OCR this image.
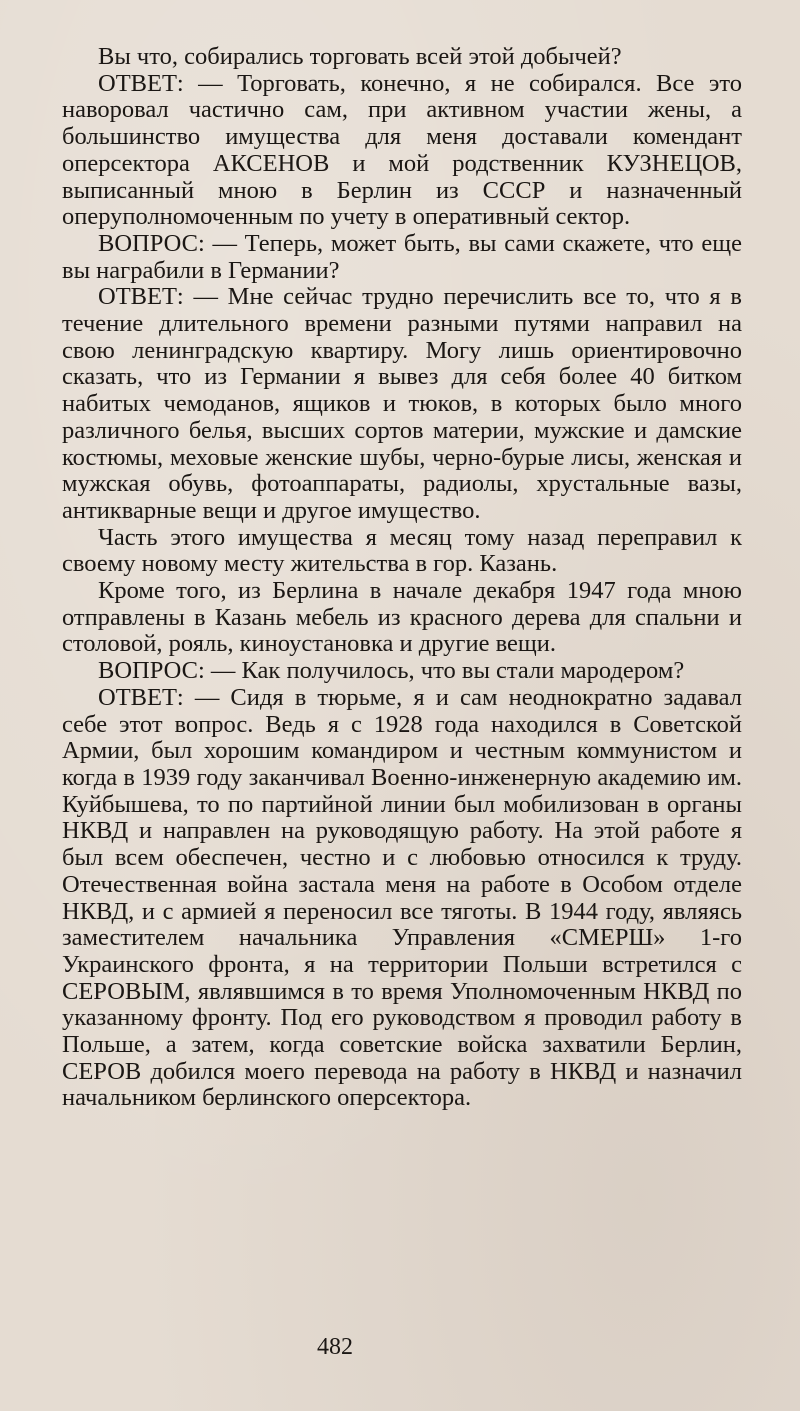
Вы что, собирались торговать всей этой добычей?

ОТВЕТ: — Торговать, конечно, я не собирался. Все это наворовал частично сам, при активном участии жены, а большинство имущества для меня доставали комендант оперсектора АКСЕНОВ и мой родственник КУЗНЕЦОВ, выписанный мною в Берлин из СССР и назначенный оперуполномоченным по учету в оперативный сектор.

ВОПРОС: — Теперь, может быть, вы сами скажете, что еще вы награбили в Германии?

ОТВЕТ: — Мне сейчас трудно перечислить все то, что я в течение длительного времени разными путями направил на свою ленинградскую квартиру. Могу лишь ориентировочно сказать, что из Германии я вывез для себя более 40 битком набитых чемоданов, ящиков и тюков, в которых было много различного белья, высших сортов материи, мужские и дамские костюмы, меховые женские шубы, черно-бурые лисы, женская и мужская обувь, фотоаппараты, радиолы, хрустальные вазы, антикварные вещи и другое имущество.

Часть этого имущества я месяц тому назад переправил к своему новому месту жительства в гор. Казань.

Кроме того, из Берлина в начале декабря 1947 года мною отправлены в Казань мебель из красного дерева для спальни и столовой, рояль, киноустановка и другие вещи.

ВОПРОС: — Как получилось, что вы стали мародером?

ОТВЕТ: — Сидя в тюрьме, я и сам неоднократно задавал себе этот вопрос. Ведь я с 1928 года находился в Советской Армии, был хорошим командиром и честным коммунистом и когда в 1939 году заканчивал Военно-инженерную академию им. Куйбышева, то по партийной линии был мобилизован в органы НКВД и направлен на руководящую работу. На этой работе я был всем обеспечен, честно и с любовью относился к труду. Отечественная война застала меня на работе в Особом отделе НКВД, и с армией я переносил все тяготы. В 1944 году, являясь заместителем начальника Управления «СМЕРШ» 1-го Украинского фронта, я на территории Польши встретился с СЕРОВЫМ, являвшимся в то время Уполномоченным НКВД по указанному фронту. Под его руководством я проводил работу в Польше, а затем, когда советские войска захватили Берлин, СЕРОВ добился моего перевода на работу в НКВД и назначил начальником берлинского оперсектора.

482
